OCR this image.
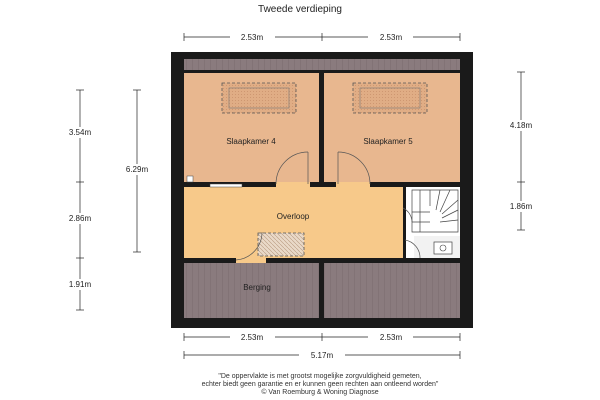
Tweede verdieping
Slaapkamer 4	Slaapkamer 5
Overloop
Berging
2.53m	2.53m
2.53m	2.53m
5.17m
3.54m
2.86m
1.91m
6.29m
4.18m
1.86m
"De oppervlakte is met grootst mogelijke zorgvuldigheid gemeten,
echter biedt geen garantie en er kunnen geen rechten aan ontleend worden"
© Van Roemburg & Woning Diagnose
